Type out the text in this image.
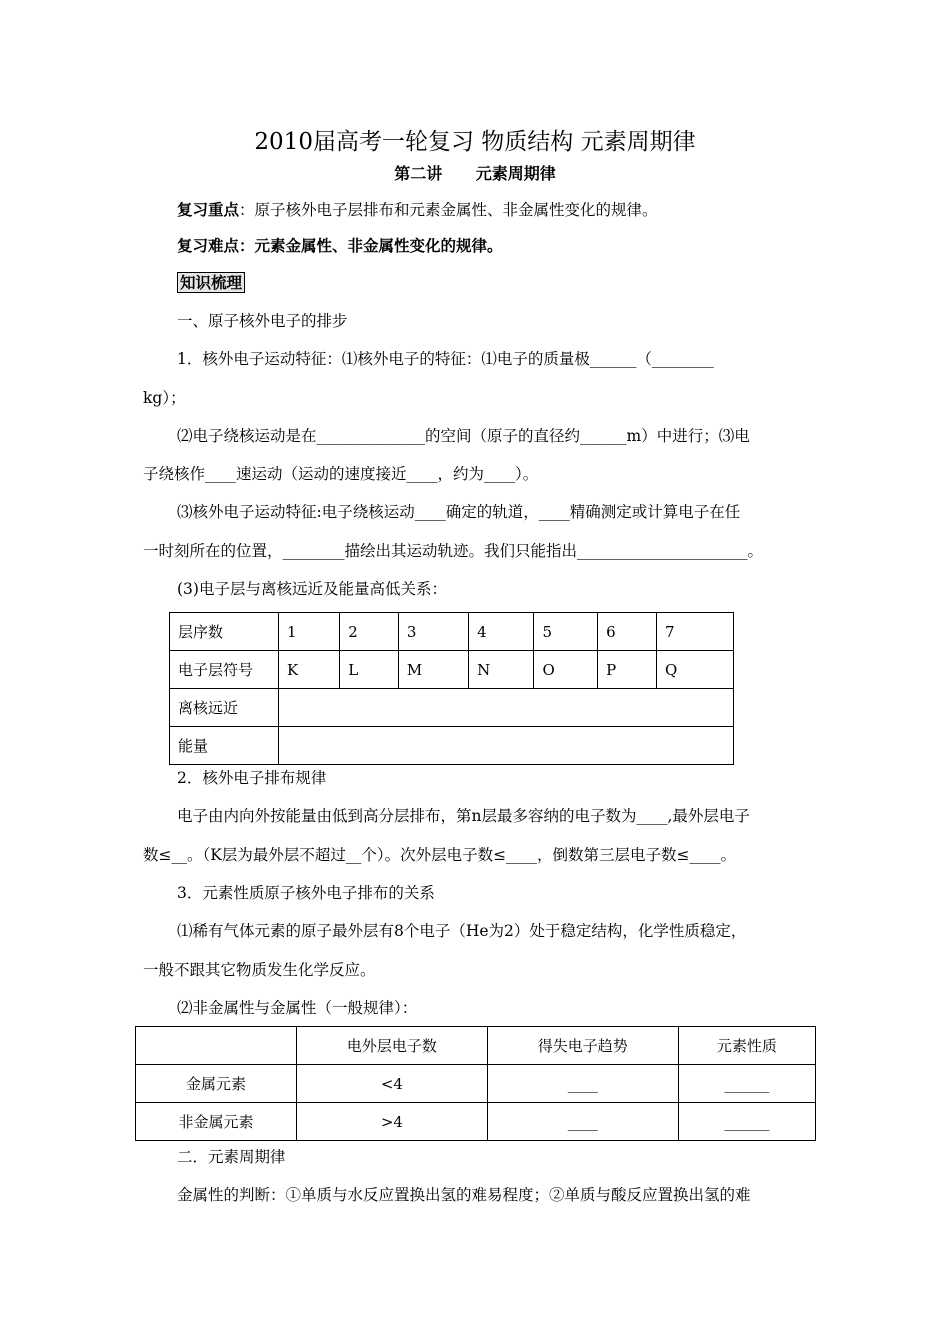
2010届高考一轮复习 物质结构 元素周期律
第二讲 元素周期律
复习重点：原子核外电子层排布和元素金属性、非金属性变化的规律。
复习难点：元素金属性、非金属性变化的规律。
知识梳理
一、原子核外电子的排步
1．核外电子运动特征：⑴核外电子的特征：⑴电子的质量极______（________
kg）；
⑵电子绕核运动是在______________的空间（原子的直径约______m）中进行；⑶电
子绕核作____速运动（运动的速度接近____，约为____）。
⑶核外电子运动特征:电子绕核运动____确定的轨道，____精确测定或计算电子在任
一时刻所在的位置，________描绘出其运动轨迹。我们只能指出______________________。
(3)电子层与离核远近及能量高低关系：
层序数	1	2	3	4	5	6	7
电子层符号	K	L	M	N	O	P	Q
离核远近							
能量							
2．核外电子排布规律
电子由内向外按能量由低到高分层排布，第n层最多容纳的电子数为____,最外层电子
数≤__。（K层为最外层不超过__个）。次外层电子数≤____，倒数第三层电子数≤____。
3．元素性质原子核外电子排布的关系
⑴稀有气体元素的原子最外层有8个电子（He为2）处于稳定结构，化学性质稳定，
一般不跟其它物质发生化学反应。
⑵非金属性与金属性（一般规律）：
	电外层电子数	得失电子趋势	元素性质
金属元素	<4	____	______
非金属元素	>4	____	______
二．元素周期律
金属性的判断：①单质与水反应置换出氢的难易程度；②单质与酸反应置换出氢的难
